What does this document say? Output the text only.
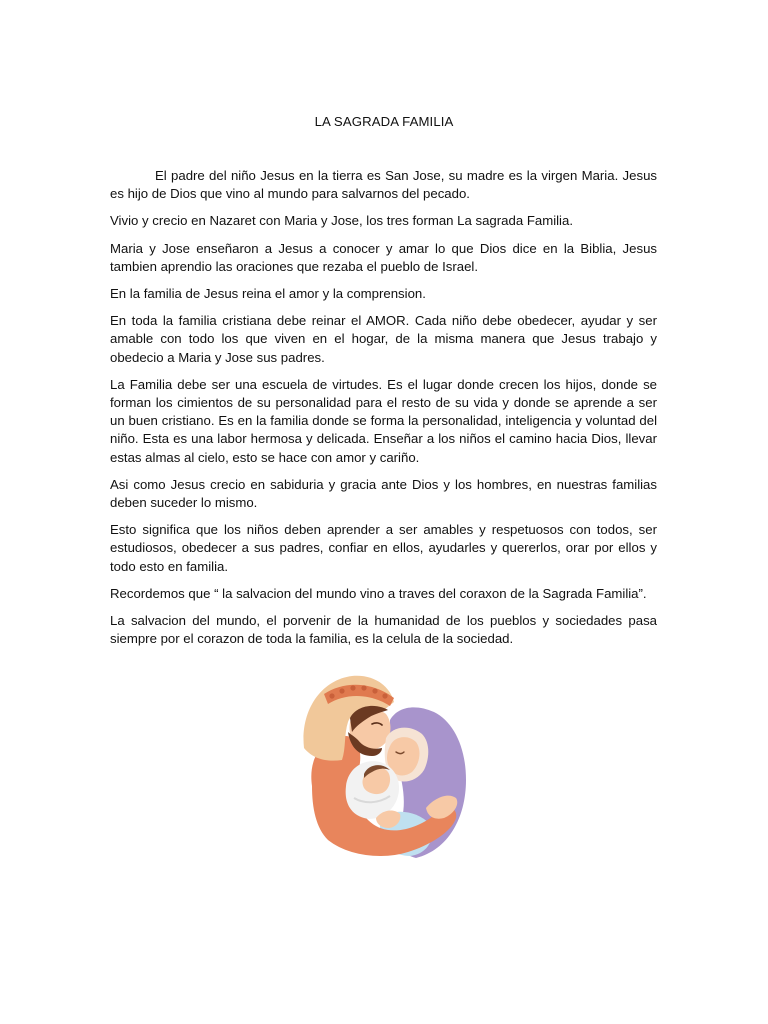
LA SAGRADA FAMILIA

El padre del niño Jesus en la tierra es San Jose, su madre es la virgen Maria. Jesus es hijo de Dios que vino al mundo para salvarnos del pecado.

Vivio y crecio en Nazaret con Maria y Jose, los tres forman La sagrada Familia.

Maria y Jose enseñaron a Jesus a conocer y amar lo que Dios dice en la Biblia, Jesus tambien aprendio las oraciones que rezaba el pueblo de Israel.

En la familia de Jesus reina el amor y la comprension.

En toda la familia cristiana debe reinar el AMOR. Cada niño debe obedecer, ayudar y ser amable con todo los que viven en el hogar, de la misma manera que Jesus trabajo y obedecio a Maria y Jose sus padres.

La Familia debe ser una escuela de virtudes. Es el lugar donde crecen los hijos, donde se forman los cimientos de su personalidad para el resto de su vida y donde se aprende a ser un buen cristiano. Es en la familia donde se forma la personalidad, inteligencia y voluntad del niño. Esta es una labor hermosa y delicada. Enseñar a los niños el camino hacia Dios, llevar estas almas al cielo, esto se hace con amor y cariño.

Asi como Jesus crecio en sabiduria y gracia ante Dios y los hombres, en nuestras familias deben suceder lo mismo.

Esto significa que los niños deben aprender a ser amables y respetuosos con todos, ser estudiosos, obedecer a sus padres, confiar en ellos, ayudarles y quererlos, orar por ellos y todo esto en familia.

Recordemos que “ la salvacion del mundo vino a traves del coraxon de la Sagrada Familia”.

La salvacion del mundo, el porvenir de la humanidad de los pueblos y sociedades pasa siempre por el corazon de toda la familia, es la celula de la sociedad.
